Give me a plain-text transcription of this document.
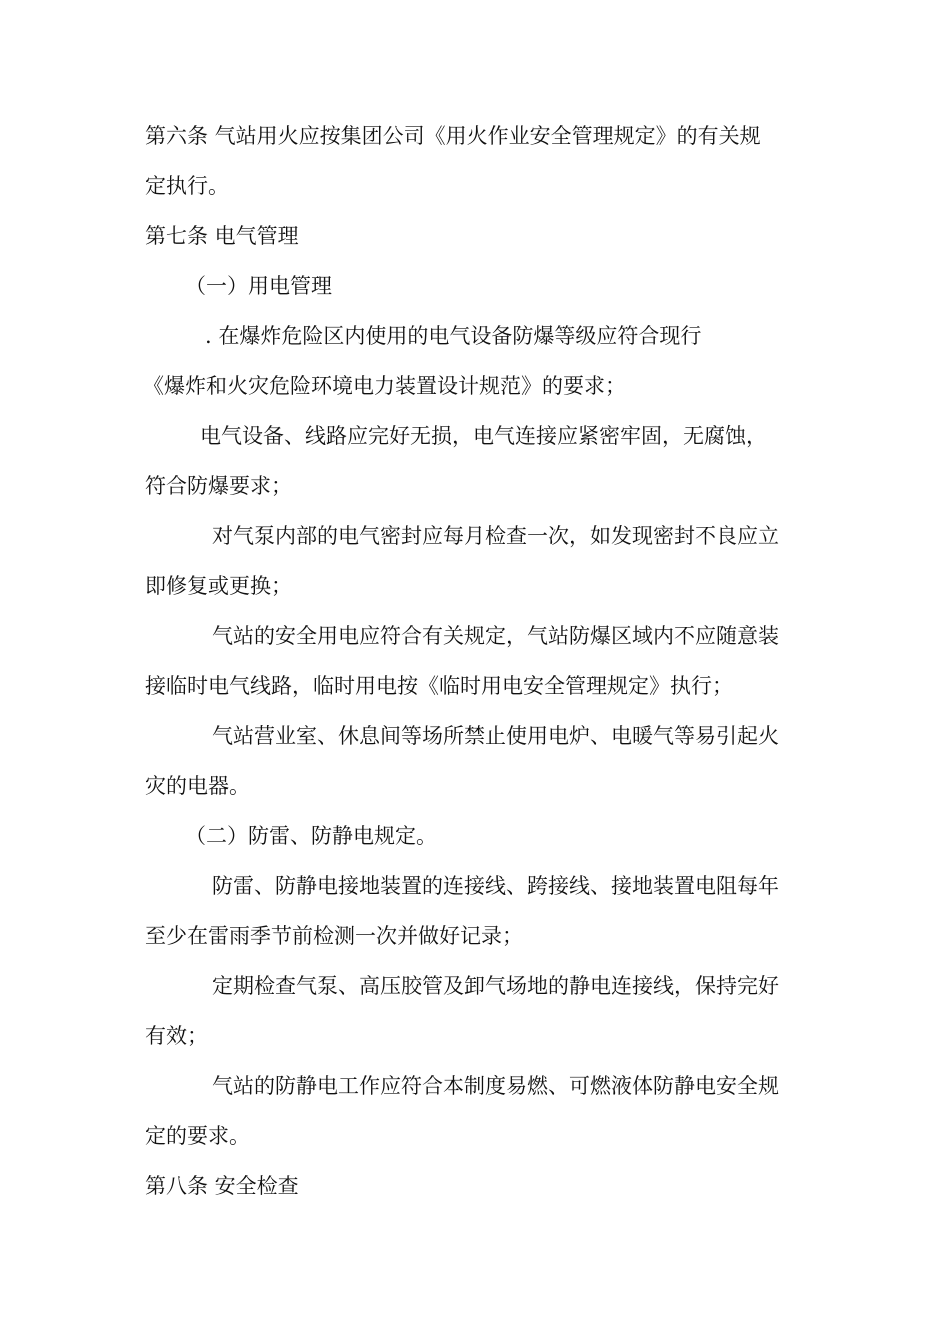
第六条 气站用火应按集团公司《用火作业安全管理规定》的有关规
定执行。
第七条 电气管理
（一）用电管理
. 在爆炸危险区内使用的电气设备防爆等级应符合现行
《爆炸和火灾危险环境电力装置设计规范》的要求；
电气设备、线路应完好无损，电气连接应紧密牢固，无腐蚀，
符合防爆要求；
对气泵内部的电气密封应每月检查一次，如发现密封不良应立
即修复或更换；
气站的安全用电应符合有关规定，气站防爆区域内不应随意装
接临时电气线路，临时用电按《临时用电安全管理规定》执行；
气站营业室、休息间等场所禁止使用电炉、电暖气等易引起火
灾的电器。
（二）防雷、防静电规定。
防雷、防静电接地装置的连接线、跨接线、接地装置电阻每年
至少在雷雨季节前检测一次并做好记录；
定期检查气泵、高压胶管及卸气场地的静电连接线，保持完好
有效；
气站的防静电工作应符合本制度易燃、可燃液体防静电安全规
定的要求。
第八条 安全检查
